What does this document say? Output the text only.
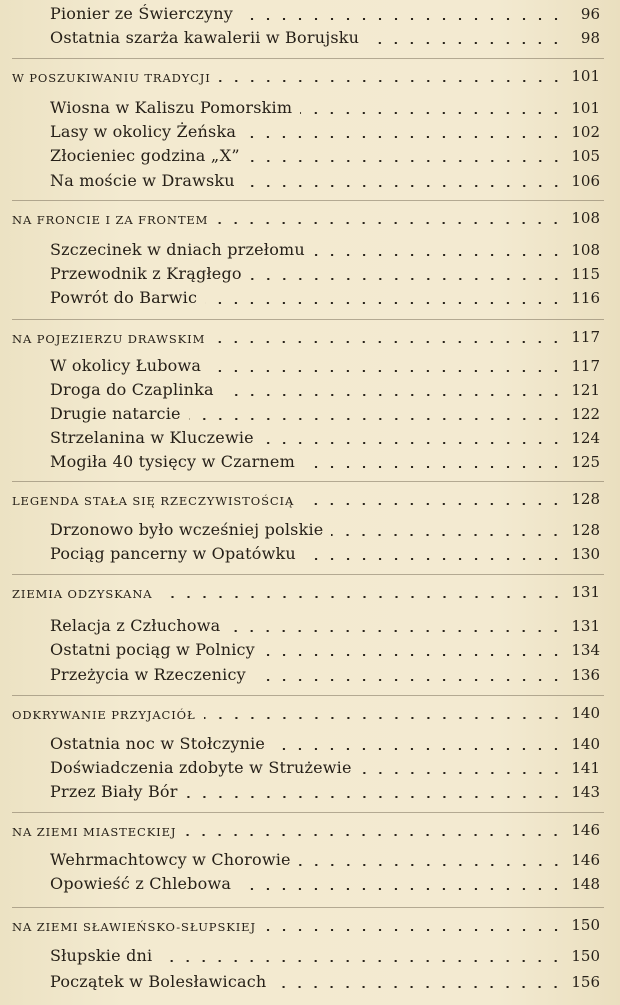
Pionier ze Świerczyny	96
Ostatnia szarża kawalerii w Borujsku	98
W POSZUKIWANIU TRADYCJI	101
Wiosna w Kaliszu Pomorskim	101
Lasy w okolicy Żeńska	102
Złocieniec godzina „X”	105
Na moście w Drawsku	106
NA FRONCIE I ZA FRONTEM	108
Szczecinek w dniach przełomu	108
Przewodnik z Krągłego	115
Powrót do Barwic	116
NA POJEZIERZU DRAWSKIM	117
W okolicy Łubowa	117
Droga do Czaplinka	121
Drugie natarcie	122
Strzelanina w Kluczewie	124
Mogiła 40 tysięcy w Czarnem	125
LEGENDA STAŁA SIĘ RZECZYWISTOŚCIĄ	128
Drzonowo było wcześniej polskie	128
Pociąg pancerny w Opatówku	130
ZIEMIA ODZYSKANA	131
Relacja z Człuchowa	131
Ostatni pociąg w Polnicy	134
Przeżycia w Rzeczenicy	136
ODKRYWANIE PRZYJACIÓŁ	140
Ostatnia noc w Stołczynie	140
Doświadczenia zdobyte w Strużewie	141
Przez Biały Bór	143
NA ZIEMI MIASTECKIEJ	146
Wehrmachtowcy w Chorowie	146
Opowieść z Chlebowa	148
NA ZIEMI SŁAWIEŃSKO-SŁUPSKIEJ	150
Słupskie dni	150
Początek w Bolesławicach	156
